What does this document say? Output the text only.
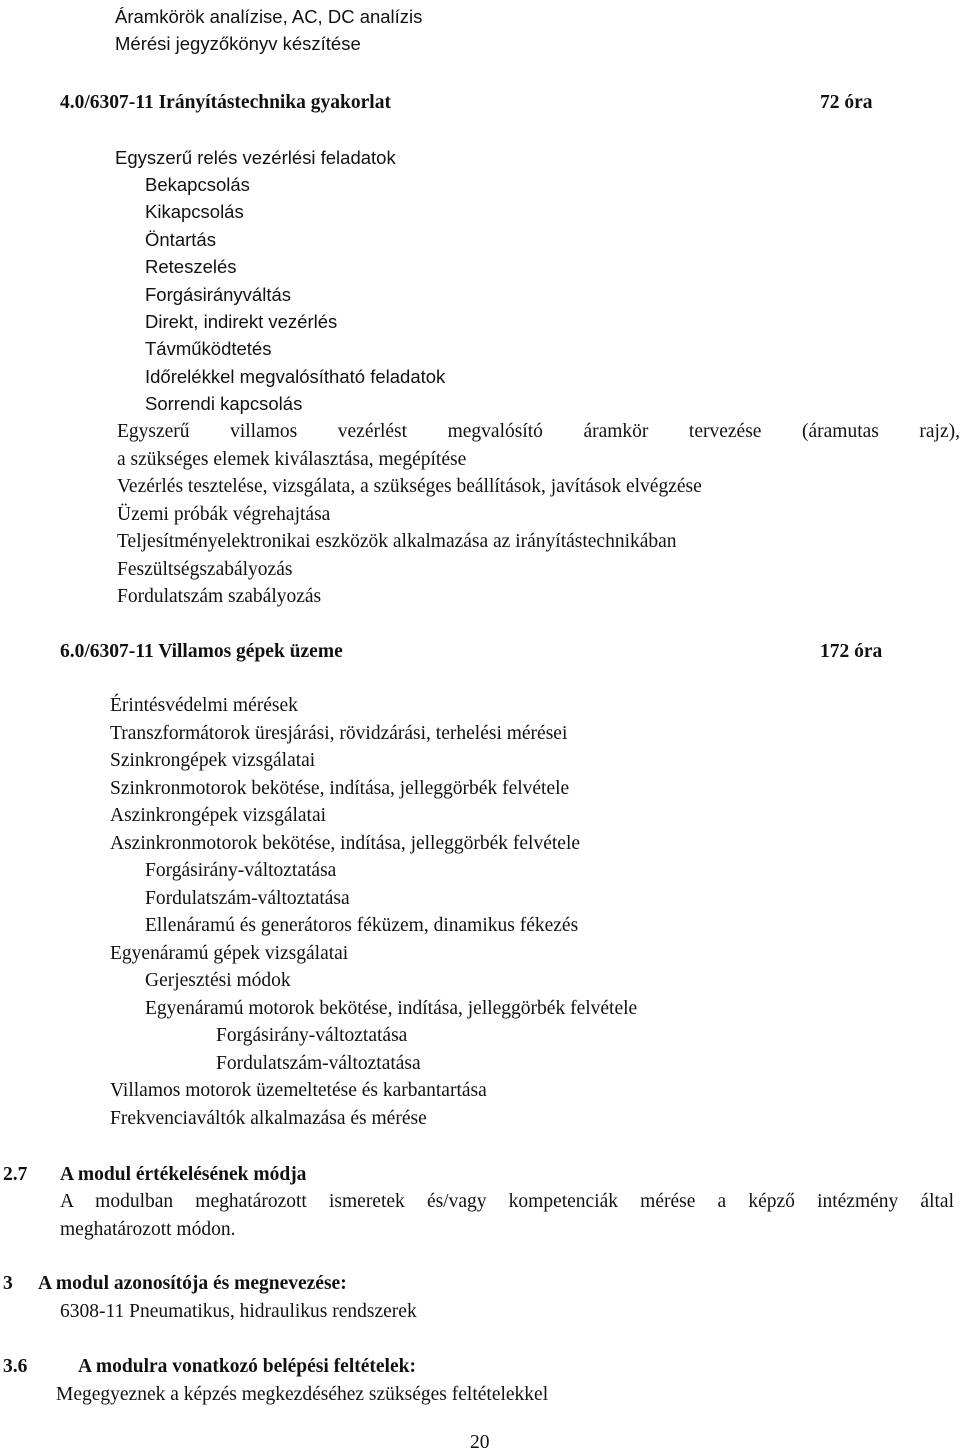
Áramkörök analízise, AC, DC analízis
Mérési jegyzőkönyv készítése
4.0/6307-11 Irányítástechnika gyakorlat	72 óra
Egyszerű relés vezérlési feladatok
Bekapcsolás
Kikapcsolás
Öntartás
Reteszelés
Forgásirányváltás
Direkt, indirekt vezérlés
Távműködtetés
Időrelékkel megvalósítható feladatok
Sorrendi kapcsolás
Egyszerű villamos vezérlést megvalósító áramkör tervezése (áramutas rajz),
a szükséges elemek kiválasztása, megépítése
Vezérlés tesztelése, vizsgálata, a szükséges beállítások, javítások elvégzése
Üzemi próbák végrehajtása
Teljesítményelektronikai eszközök alkalmazása az irányítástechnikában
Feszültségszabályozás
Fordulatszám szabályozás
6.0/6307-11 Villamos gépek üzeme	172 óra
Érintésvédelmi mérések
Transzformátorok üresjárási, rövidzárási, terhelési mérései
Szinkrongépek vizsgálatai
Szinkronmotorok bekötése, indítása, jelleggörbék felvétele
Aszinkrongépek vizsgálatai
Aszinkronmotorok bekötése, indítása, jelleggörbék felvétele
Forgásirány-változtatása
Fordulatszám-változtatása
Ellenáramú és generátoros féküzem, dinamikus fékezés
Egyenáramú gépek vizsgálatai
Gerjesztési módok
Egyenáramú motorok bekötése, indítása, jelleggörbék felvétele
Forgásirány-változtatása
Fordulatszám-változtatása
Villamos motorok üzemeltetése és karbantartása
Frekvenciaváltók alkalmazása és mérése
2.7 A modul értékelésének módja
A modulban meghatározott ismeretek és/vagy kompetenciák mérése a képző intézmény által
meghatározott módon.
3 A modul azonosítója és megnevezése:
6308-11 Pneumatikus, hidraulikus rendszerek
3.6	A modulra vonatkozó belépési feltételek:
Megegyeznek a képzés megkezdéséhez szükséges feltételekkel
20
